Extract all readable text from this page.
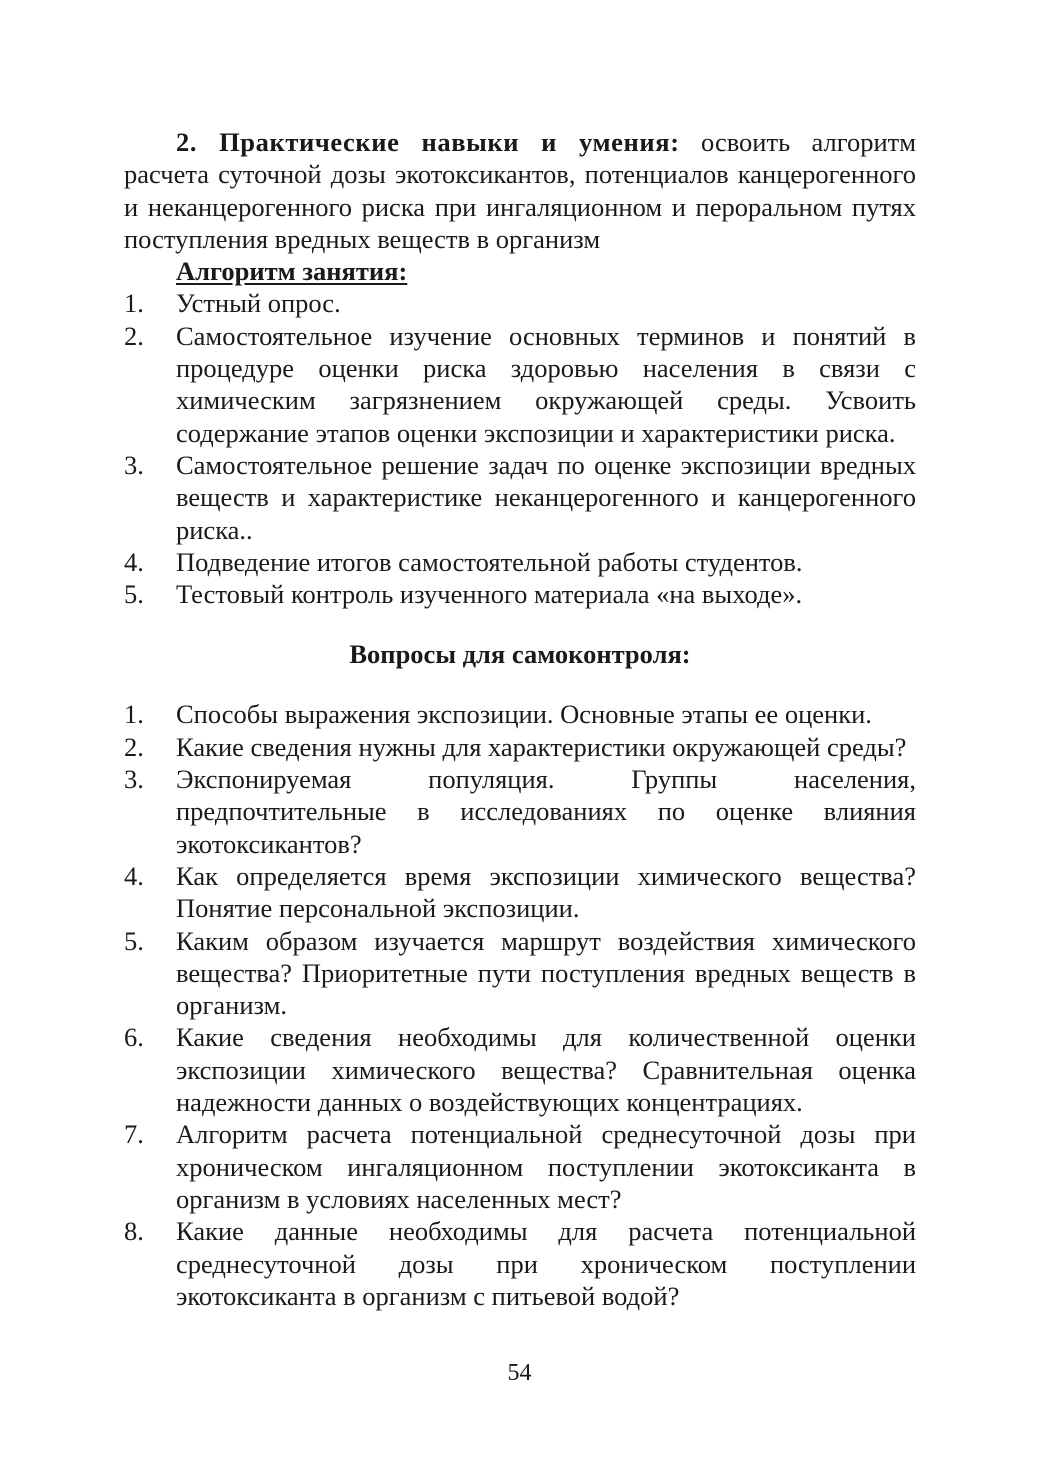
2. Практические навыки и умения: освоить алгоритм расчета суточной дозы экотоксикантов, потенциалов канцерогенного и неканцерогенного риска при ингаляционном и пероральном путях поступления вредных веществ в организм

Алгоритм занятия:

1.	Устный опрос.
2.	Самостоятельное изучение основных терминов и понятий в процедуре оценки риска здоровью населения в связи с химическим загрязнением окружающей среды. Усвоить содержание этапов оценки экспозиции и характеристики риска.
3.	Самостоятельное решение задач по оценке экспозиции вредных веществ и характеристике неканцерогенного и канцерогенного риска..
4.	Подведение итогов самостоятельной работы студентов.
5.	Тестовый контроль изученного материала «на выходе».

Вопросы для самоконтроля:

1.	Способы выражения экспозиции. Основные этапы ее оценки.
2.	Какие сведения нужны для характеристики окружающей среды?
3.	Экспонируемая популяция. Группы населения, предпочтительные в исследованиях по оценке влияния экотоксикантов?
4.	Как определяется время экспозиции химического вещества? Понятие персональной экспозиции.
5.	Каким образом изучается маршрут воздействия химического вещества? Приоритетные пути поступления вредных веществ в организм.
6.	Какие сведения необходимы для количественной оценки экспозиции химического вещества? Сравнительная оценка надежности данных о воздействующих концентрациях.
7.	Алгоритм расчета потенциальной среднесуточной дозы при хроническом ингаляционном поступлении экотоксиканта в организм в условиях населенных мест?
8.	Какие данные необходимы для расчета потенциальной среднесуточной дозы при хроническом поступлении экотоксиканта в организм с питьевой водой?
54
